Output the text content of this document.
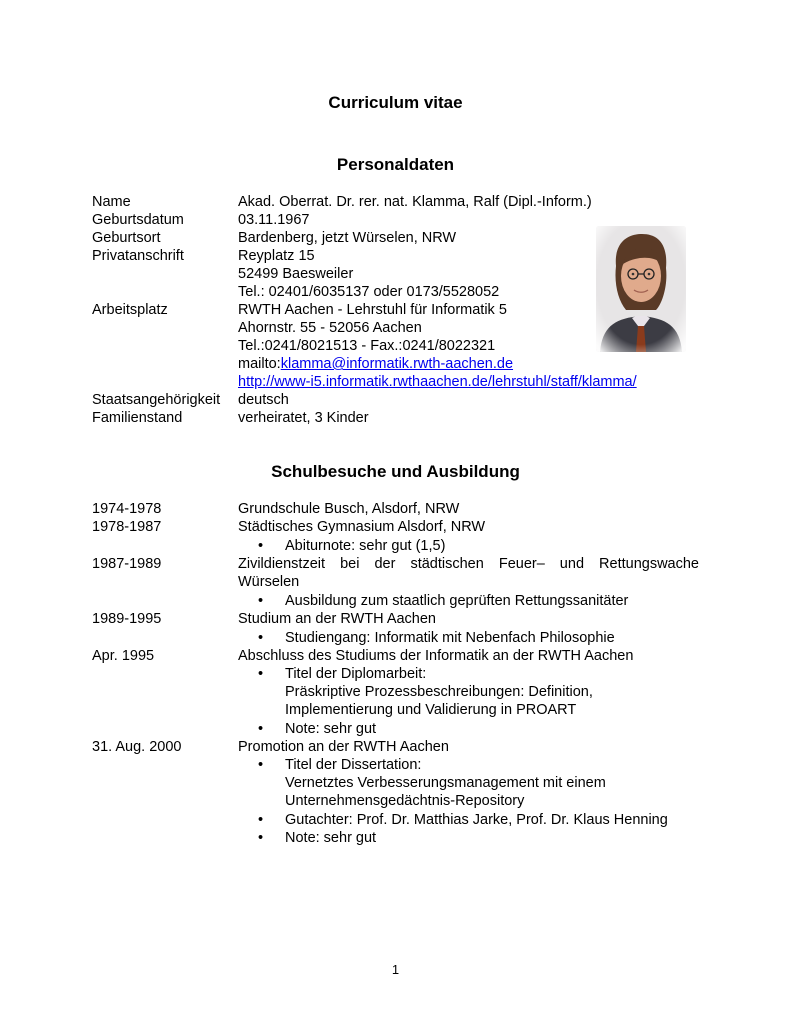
Curriculum vitae
Personaldaten
Name	Akad. Oberrat. Dr. rer. nat. Klamma, Ralf (Dipl.-Inform.)
Geburtsdatum	03.11.1967
Geburtsort	Bardenberg, jetzt Würselen, NRW
Privatanschrift	Reyplatz 15
52499 Baesweiler
Tel.: 02401/6035137 oder 0173/5528052
Arbeitsplatz	RWTH Aachen - Lehrstuhl für Informatik 5
Ahornstr. 55 - 52056 Aachen
Tel.:0241/8021513 - Fax.:0241/8022321
mailto:klamma@informatik.rwth-aachen.de
http://www-i5.informatik.rwthaachen.de/lehrstuhl/staff/klamma/
Staatsangehörigkeit deutsch
Familienstand	verheiratet, 3 Kinder
Schulbesuche und Ausbildung
1974-1978	Grundschule Busch, Alsdorf, NRW
1978-1987	Städtisches Gymnasium Alsdorf, NRW
• Abiturnote: sehr gut (1,5)
1987-1989	Zivildienstzeit bei der städtischen Feuer– und Rettungswache
Würselen
• Ausbildung zum staatlich geprüften Rettungssanitäter
1989-1995	Studium an der RWTH Aachen
• Studiengang: Informatik mit Nebenfach Philosophie
Apr. 1995	Abschluss des Studiums der Informatik an der RWTH Aachen
• Titel der Diplomarbeit:
Präskriptive Prozessbeschreibungen: Definition,
Implementierung und Validierung in PROART
• Note: sehr gut
31. Aug. 2000	Promotion an der RWTH Aachen
• Titel der Dissertation:
Vernetztes Verbesserungsmanagement mit einem
Unternehmensgedächtnis-Repository
• Gutachter: Prof. Dr. Matthias Jarke, Prof. Dr. Klaus Henning
• Note: sehr gut
1
